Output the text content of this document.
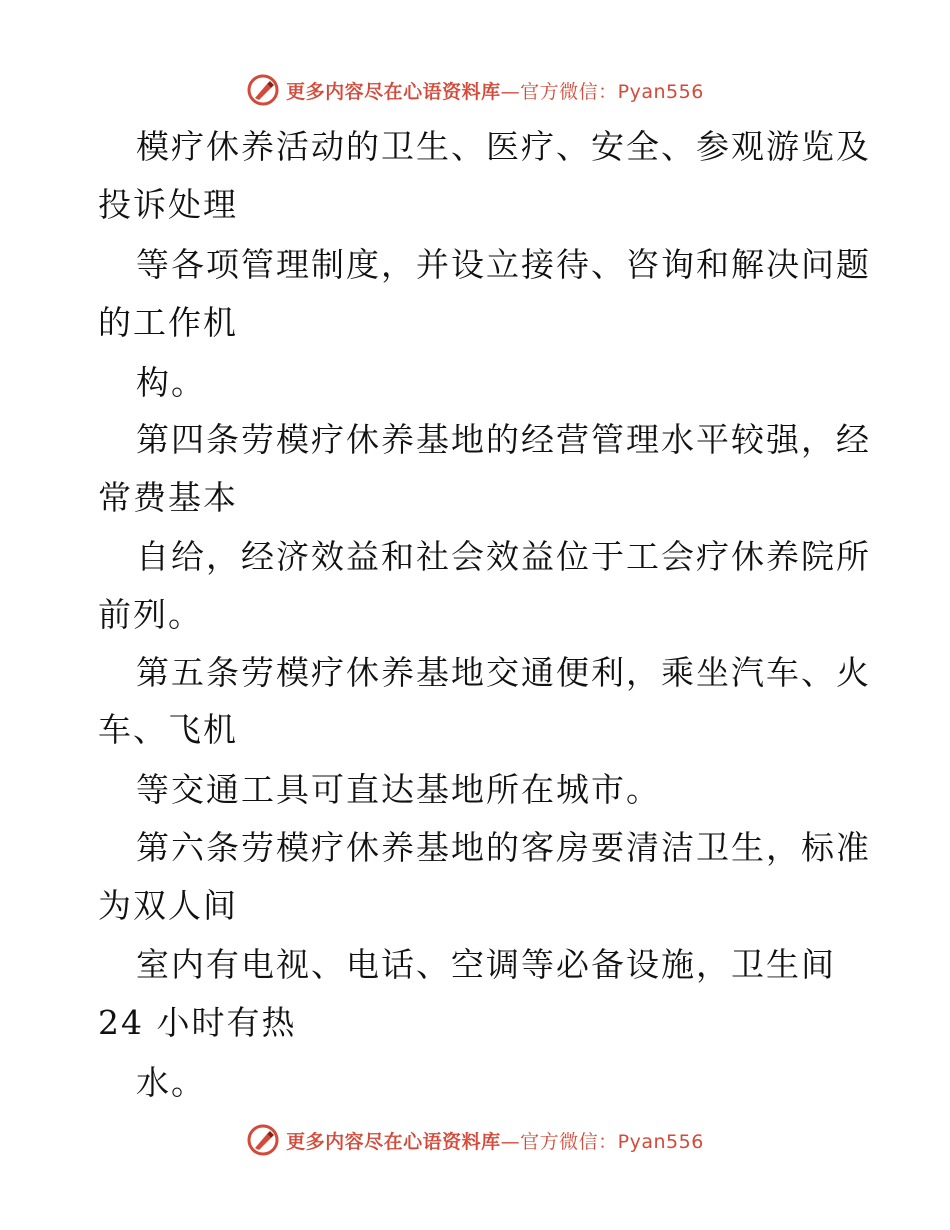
更多内容尽在心语资料库—官方微信：Pyan556
模疗休养活动的卫生、医疗、安全、参观游览及
投诉处理
等各项管理制度，并设立接待、咨询和解决问题
的工作机
构。
第四条劳模疗休养基地的经营管理水平较强，经
常费基本
自给，经济效益和社会效益位于工会疗休养院所
前列。
第五条劳模疗休养基地交通便利，乘坐汽车、火
车、飞机
等交通工具可直达基地所在城市。
第六条劳模疗休养基地的客房要清洁卫生，标准
为双人间
室内有电视、电话、空调等必备设施，卫生间
24 小时有热
水。
更多内容尽在心语资料库—官方微信：Pyan556
